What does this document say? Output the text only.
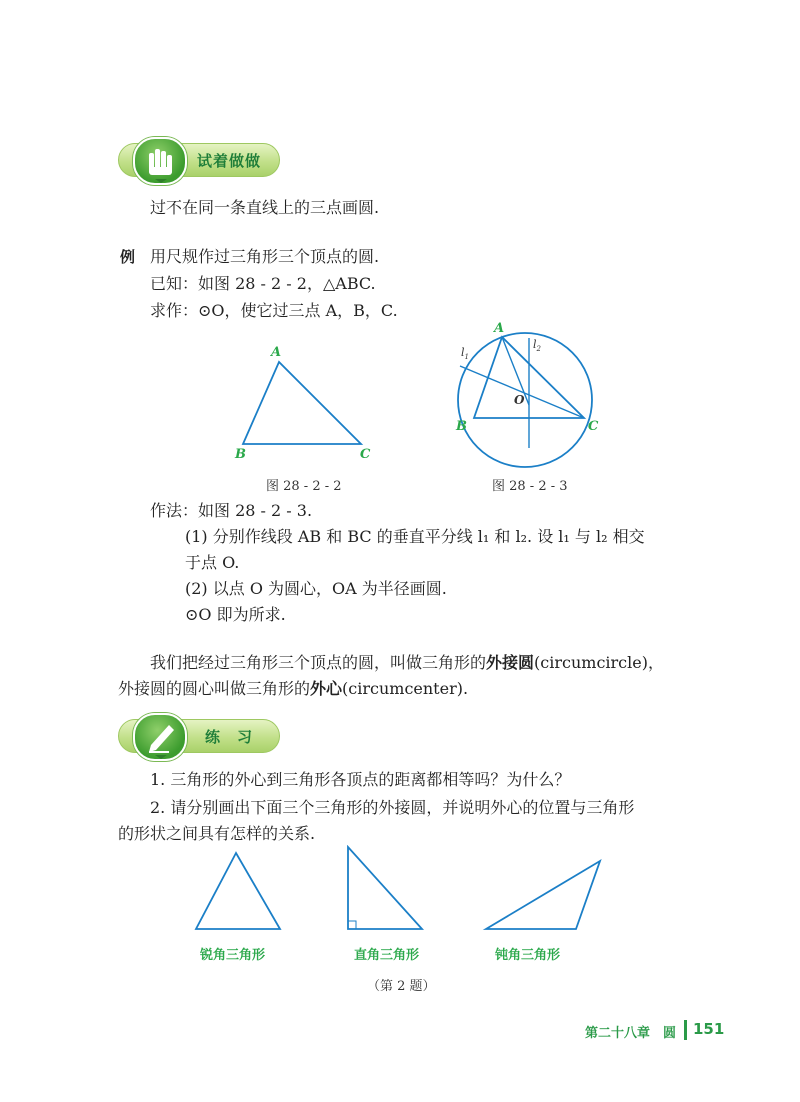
试着做做
过不在同一条直线上的三点画圆.
例 用尺规作过三角形三个顶点的圆.
已知：如图 28 - 2 - 2，△ABC.
求作：⊙O，使它过三点 A，B，C.
A
B	C
图 28 - 2 - 2
A
B	C
O
$l_1$
$l_2$
图 28 - 2 - 3
作法：如图 28 - 2 - 3.
(1) 分别作线段 AB 和 BC 的垂直平分线 l₁ 和 l₂. 设 l₁ 与 l₂ 相交
于点 O.
(2) 以点 O 为圆心，OA 为半径画圆.
⊙O 即为所求.
我们把经过三角形三个顶点的圆，叫做三角形的外接圆(circumcircle)，
外接圆的圆心叫做三角形的外心(circumcenter).
练　习
1. 三角形的外心到三角形各顶点的距离都相等吗？为什么？
2. 请分别画出下面三个三角形的外接圆，并说明外心的位置与三角形
的形状之间具有怎样的关系.
锐角三角形	直角三角形	钝角三角形
（第 2 题）
第二十八章　圆 151
